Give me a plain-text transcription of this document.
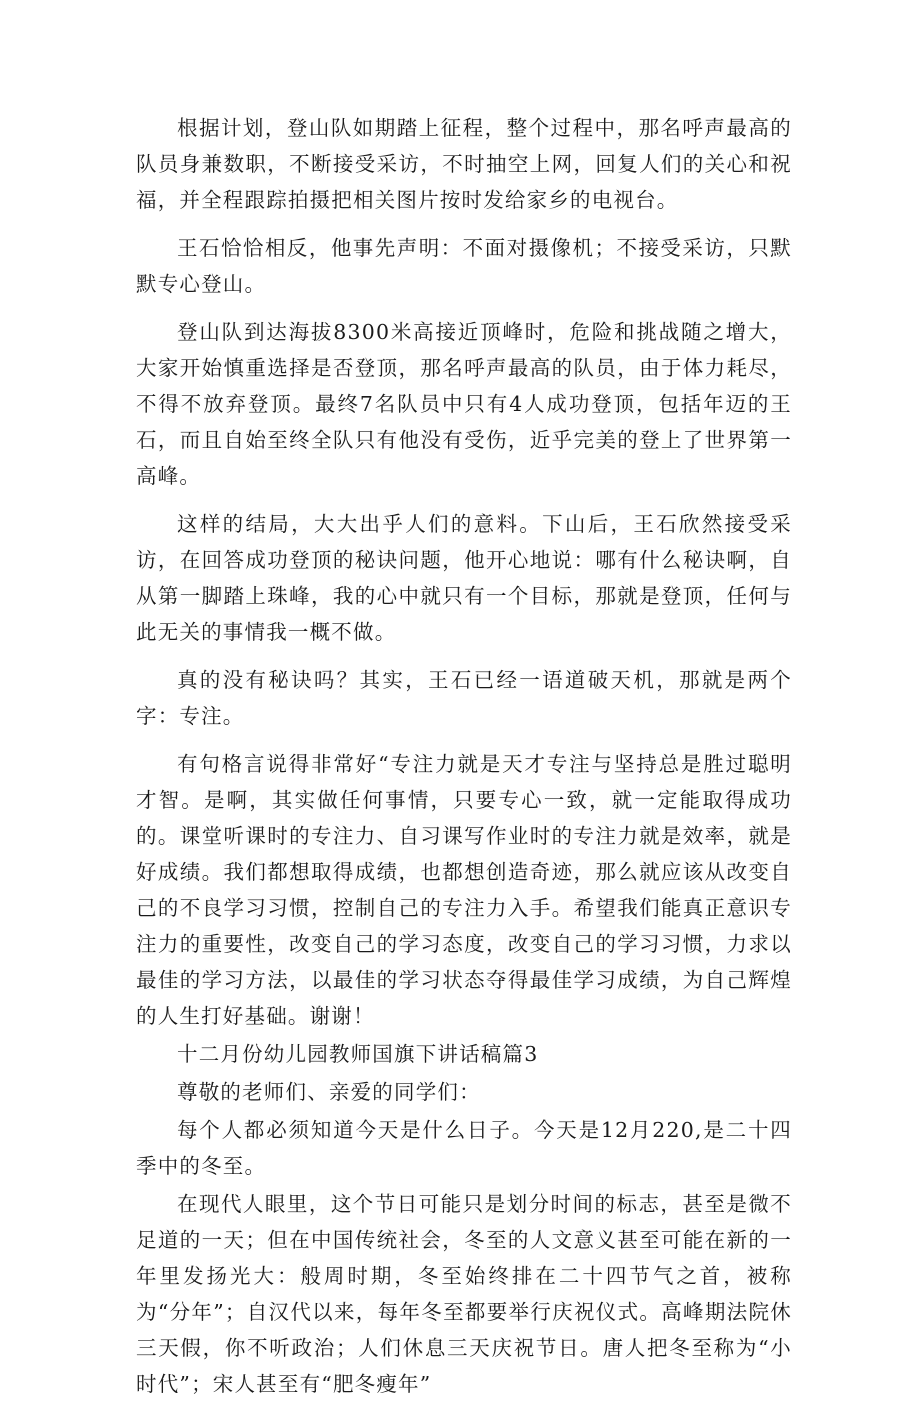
根据计划，登山队如期踏上征程，整个过程中，那名呼声最高的队员身兼数职，不断接受采访，不时抽空上网，回复人们的关心和祝福，并全程跟踪拍摄把相关图片按时发给家乡的电视台。

王石恰恰相反，他事先声明：不面对摄像机；不接受采访，只默默专心登山。

登山队到达海拔8300米高接近顶峰时，危险和挑战随之增大，大家开始慎重选择是否登顶，那名呼声最高的队员，由于体力耗尽，不得不放弃登顶。最终7名队员中只有4人成功登顶，包括年迈的王石，而且自始至终全队只有他没有受伤，近乎完美的登上了世界第一高峰。

这样的结局，大大出乎人们的意料。下山后，王石欣然接受采访，在回答成功登顶的秘诀问题，他开心地说：哪有什么秘诀啊，自从第一脚踏上珠峰，我的心中就只有一个目标，那就是登顶，任何与此无关的事情我一概不做。

真的没有秘诀吗？其实，王石已经一语道破天机，那就是两个字：专注。

有句格言说得非常好“专注力就是天才专注与坚持总是胜过聪明才智。是啊，其实做任何事情，只要专心一致，就一定能取得成功的。课堂听课时的专注力、自习课写作业时的专注力就是效率，就是好成绩。我们都想取得成绩，也都想创造奇迹，那么就应该从改变自己的不良学习习惯，控制自己的专注力入手。希望我们能真正意识专注力的重要性，改变自己的学习态度，改变自己的学习习惯，力求以最佳的学习方法，以最佳的学习状态夺得最佳学习成绩，为自己辉煌的人生打好基础。谢谢！

十二月份幼儿园教师国旗下讲话稿篇3

尊敬的老师们、亲爱的同学们：

每个人都必须知道今天是什么日子。今天是12月220,是二十四季中的冬至。

在现代人眼里，这个节日可能只是划分时间的标志，甚至是微不足道的一天；但在中国传统社会，冬至的人文意义甚至可能在新的一年里发扬光大：般周时期，冬至始终排在二十四节气之首，被称为“分年”；自汉代以来，每年冬至都要举行庆祝仪式。高峰期法院休三天假，你不听政治；人们休息三天庆祝节日。唐人把冬至称为“小时代”；宋人甚至有“肥冬瘦年”
